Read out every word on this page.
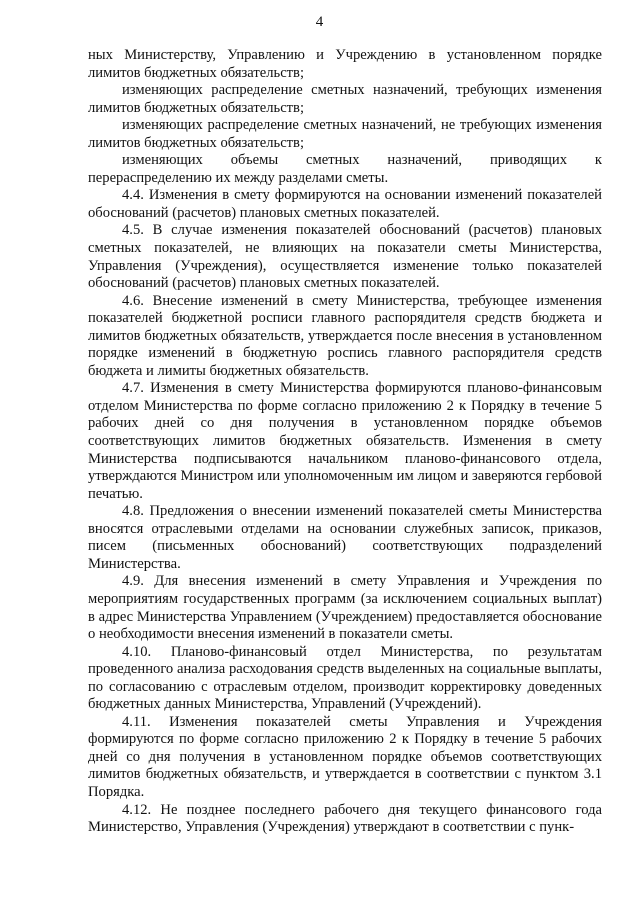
4

ных Министерству, Управлению и Учреждению в установленном порядке лимитов бюджетных обязательств;

изменяющих распределение сметных назначений, требующих изменения лимитов бюджетных обязательств;

изменяющих распределение сметных назначений, не требующих изменения лимитов бюджетных обязательств;

изменяющих объемы сметных назначений, приводящих к перераспределению их между разделами сметы.

4.4. Изменения в смету формируются на основании изменений показателей обоснований (расчетов) плановых сметных показателей.

4.5. В случае изменения показателей обоснований (расчетов) плановых сметных показателей, не влияющих на показатели сметы Министерства, Управления (Учреждения), осуществляется изменение только показателей обоснований (расчетов) плановых сметных показателей.

4.6. Внесение изменений в смету Министерства, требующее изменения показателей бюджетной росписи главного распорядителя средств бюджета и лимитов бюджетных обязательств, утверждается после внесения в установленном порядке изменений в бюджетную роспись главного распорядителя средств бюджета и лимиты бюджетных обязательств.

4.7. Изменения в смету Министерства формируются планово-финансовым отделом Министерства по форме согласно приложению 2 к Порядку в течение 5 рабочих дней со дня получения в установленном порядке объемов соответствующих лимитов бюджетных обязательств. Изменения в смету Министерства подписываются начальником планово-финансового отдела, утверждаются Министром или уполномоченным им лицом и заверяются гербовой печатью.

4.8. Предложения о внесении изменений показателей сметы Министерства вносятся отраслевыми отделами на основании служебных записок, приказов, писем (письменных обоснований) соответствующих подразделений Министерства.

4.9. Для внесения изменений в смету Управления и Учреждения по мероприятиям государственных программ (за исключением социальных выплат) в адрес Министерства Управлением (Учреждением) предоставляется обоснование о необходимости внесения изменений в показатели сметы.

4.10. Планово-финансовый отдел Министерства, по результатам проведенного анализа расходования средств выделенных на социальные выплаты, по согласованию с отраслевым отделом, производит корректировку доведенных бюджетных данных Министерства, Управлений (Учреждений).

4.11. Изменения показателей сметы Управления и Учреждения формируются по форме согласно приложению 2 к Порядку в течение 5 рабочих дней со дня получения в установленном порядке объемов соответствующих лимитов бюджетных обязательств, и утверждается в соответствии с пунктом 3.1 Порядка.

4.12. Не позднее последнего рабочего дня текущего финансового года Министерство, Управления (Учреждения) утверждают в соответствии с пунк-
